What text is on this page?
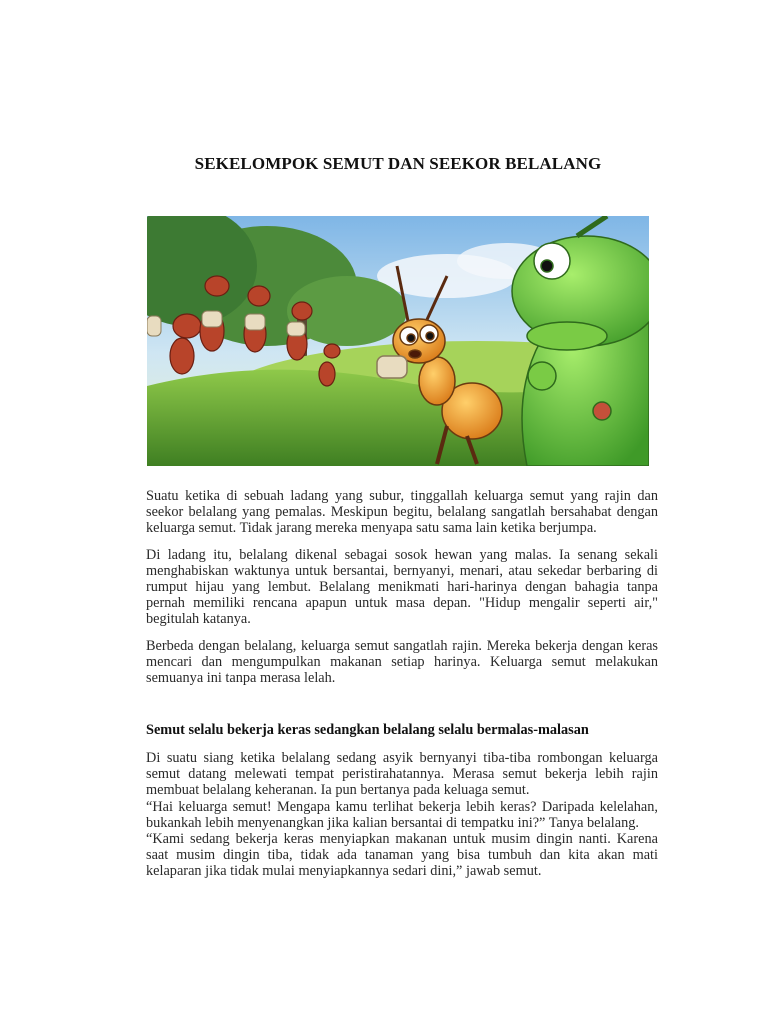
SEKELOMPOK SEMUT DAN SEEKOR BELALANG

Suatu ketika di sebuah ladang yang subur, tinggallah keluarga semut yang rajin dan seekor belalang yang pemalas. Meskipun begitu, belalang sangatlah bersahabat dengan keluarga semut. Tidak jarang mereka menyapa satu sama lain ketika berjumpa.

Di ladang itu, belalang dikenal sebagai sosok hewan yang malas. Ia senang sekali menghabiskan waktunya untuk bersantai, bernyanyi, menari, atau sekedar berbaring di rumput hijau yang lembut. Belalang menikmati hari-harinya dengan bahagia tanpa pernah memiliki rencana apapun untuk masa depan. "Hidup mengalir seperti air," begitulah katanya.

Berbeda dengan belalang, keluarga semut sangatlah rajin. Mereka bekerja dengan keras mencari dan mengumpulkan makanan setiap harinya. Keluarga semut melakukan semuanya ini tanpa merasa lelah.

Semut selalu bekerja keras sedangkan belalang selalu bermalas-malasan

Di suatu siang ketika belalang sedang asyik bernyanyi tiba-tiba rombongan keluarga semut datang melewati tempat peristirahatannya. Merasa semut bekerja lebih rajin membuat belalang keheranan. Ia pun bertanya pada keluaga semut.

“Hai keluarga semut! Mengapa kamu terlihat bekerja lebih keras? Daripada kelelahan, bukankah lebih menyenangkan jika kalian bersantai di tempatku ini?” Tanya belalang.

“Kami sedang bekerja keras menyiapkan makanan untuk musim dingin nanti. Karena saat musim dingin tiba, tidak ada tanaman yang bisa tumbuh dan kita akan mati kelaparan jika tidak mulai menyiapkannya sedari dini,” jawab semut.
